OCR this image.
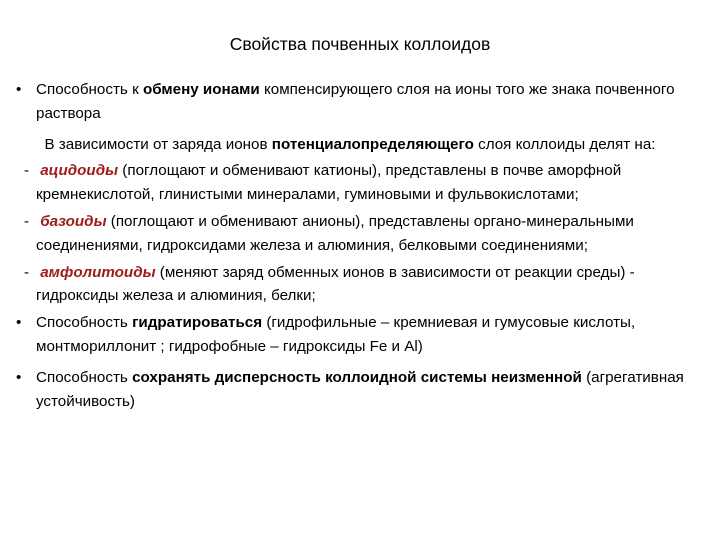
Свойства почвенных коллоидов
• Способность к обмену ионами компенсирующего слоя на ионы того же знака почвенного раствора
В зависимости от заряда ионов потенциалопределяющего слоя коллоиды делят на:
- ацидоиды (поглощают и обменивают катионы), представлены в почве аморфной кремнекислотой, глинистыми минералами, гуминовыми и фульвокислотами;
- базоиды (поглощают и обменивают анионы), представлены органо-минеральными соединениями, гидроксидами железа и алюминия, белковыми соединениями;
- амфолитоиды (меняют заряд обменных ионов в зависимости от реакции среды) - гидроксиды железа и алюминия, белки;
• Способность гидратироваться (гидрофильные – кремниевая и гумусовые кислоты, монтмориллонит ; гидрофобные – гидроксиды Fe и Al)
• Способность сохранять дисперсность коллоидной системы неизменной (агрегативная устойчивость)
